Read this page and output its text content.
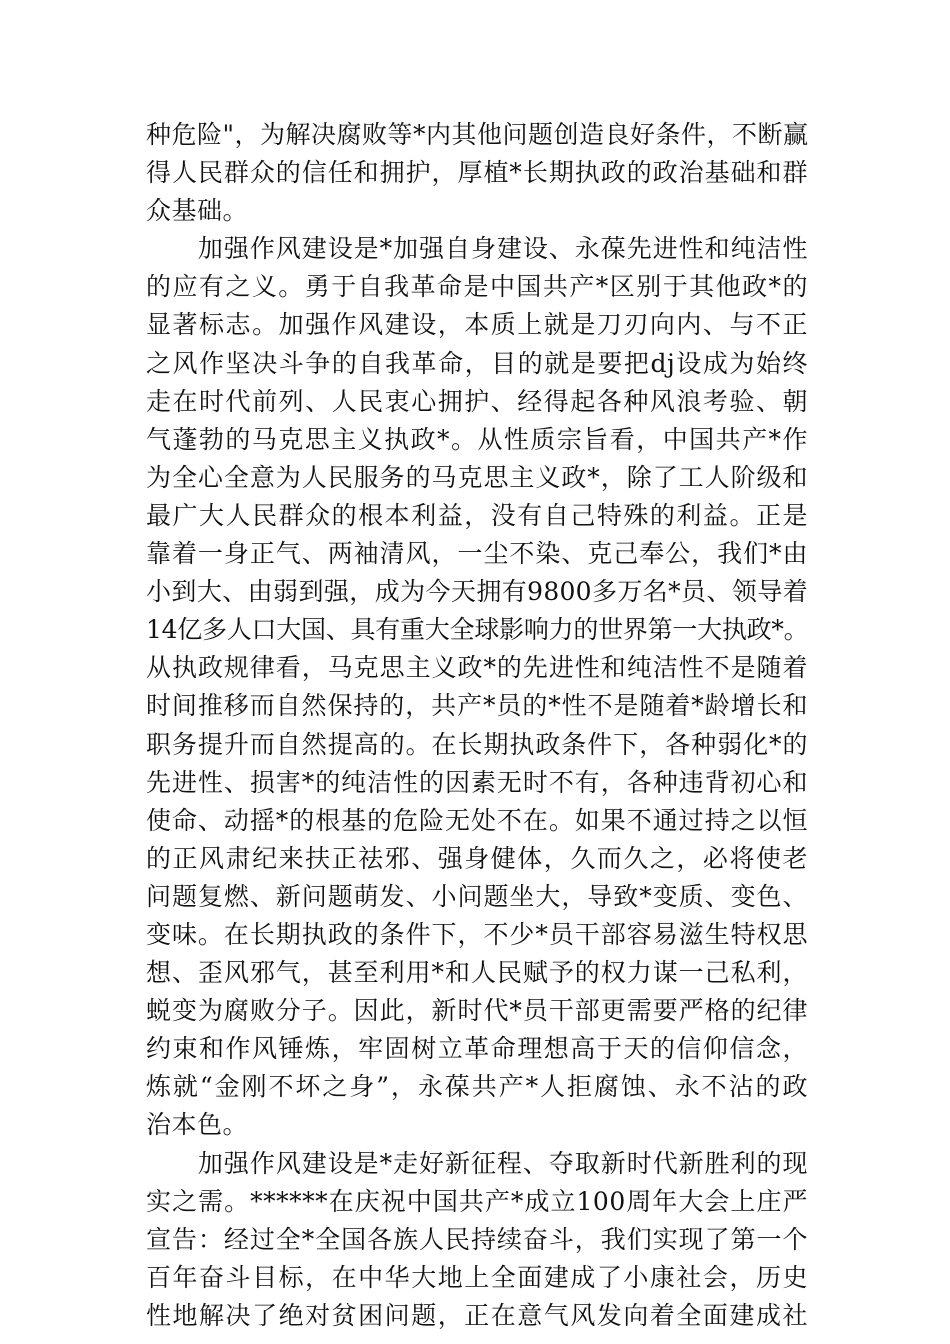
种危险"，为解决腐败等*内其他问题创造良好条件，不断赢
得人民群众的信任和拥护，厚植*长期执政的政治基础和群
众基础。
　　加强作风建设是*加强自身建设、永葆先进性和纯洁性
的应有之义。勇于自我革命是中国共产*区别于其他政*的
显著标志。加强作风建设，本质上就是刀刃向内、与不正
之风作坚决斗争的自我革命，目的就是要把dj设成为始终
走在时代前列、人民衷心拥护、经得起各种风浪考验、朝
气蓬勃的马克思主义执政*。从性质宗旨看，中国共产*作
为全心全意为人民服务的马克思主义政*，除了工人阶级和
最广大人民群众的根本利益，没有自己特殊的利益。正是
靠着一身正气、两袖清风，一尘不染、克己奉公，我们*由
小到大、由弱到强，成为今天拥有9800多万名*员、领导着
14亿多人口大国、具有重大全球影响力的世界第一大执政*。
从执政规律看，马克思主义政*的先进性和纯洁性不是随着
时间推移而自然保持的，共产*员的*性不是随着*龄增长和
职务提升而自然提高的。在长期执政条件下，各种弱化*的
先进性、损害*的纯洁性的因素无时不有，各种违背初心和
使命、动摇*的根基的危险无处不在。如果不通过持之以恒
的正风肃纪来扶正祛邪、强身健体，久而久之，必将使老
问题复燃、新问题萌发、小问题坐大，导致*变质、变色、
变味。在长期执政的条件下，不少*员干部容易滋生特权思
想、歪风邪气，甚至利用*和人民赋予的权力谋一己私利，
蜕变为腐败分子。因此，新时代*员干部更需要严格的纪律
约束和作风锤炼，牢固树立革命理想高于天的信仰信念，
炼就“金刚不坏之身”，永葆共产*人拒腐蚀、永不沾的政
治本色。
　　加强作风建设是*走好新征程、夺取新时代新胜利的现
实之需。******在庆祝中国共产*成立100周年大会上庄严
宣告：经过全*全国各族人民持续奋斗，我们实现了第一个
百年奋斗目标，在中华大地上全面建成了小康社会，历史
性地解决了绝对贫困问题，正在意气风发向着全面建成社
